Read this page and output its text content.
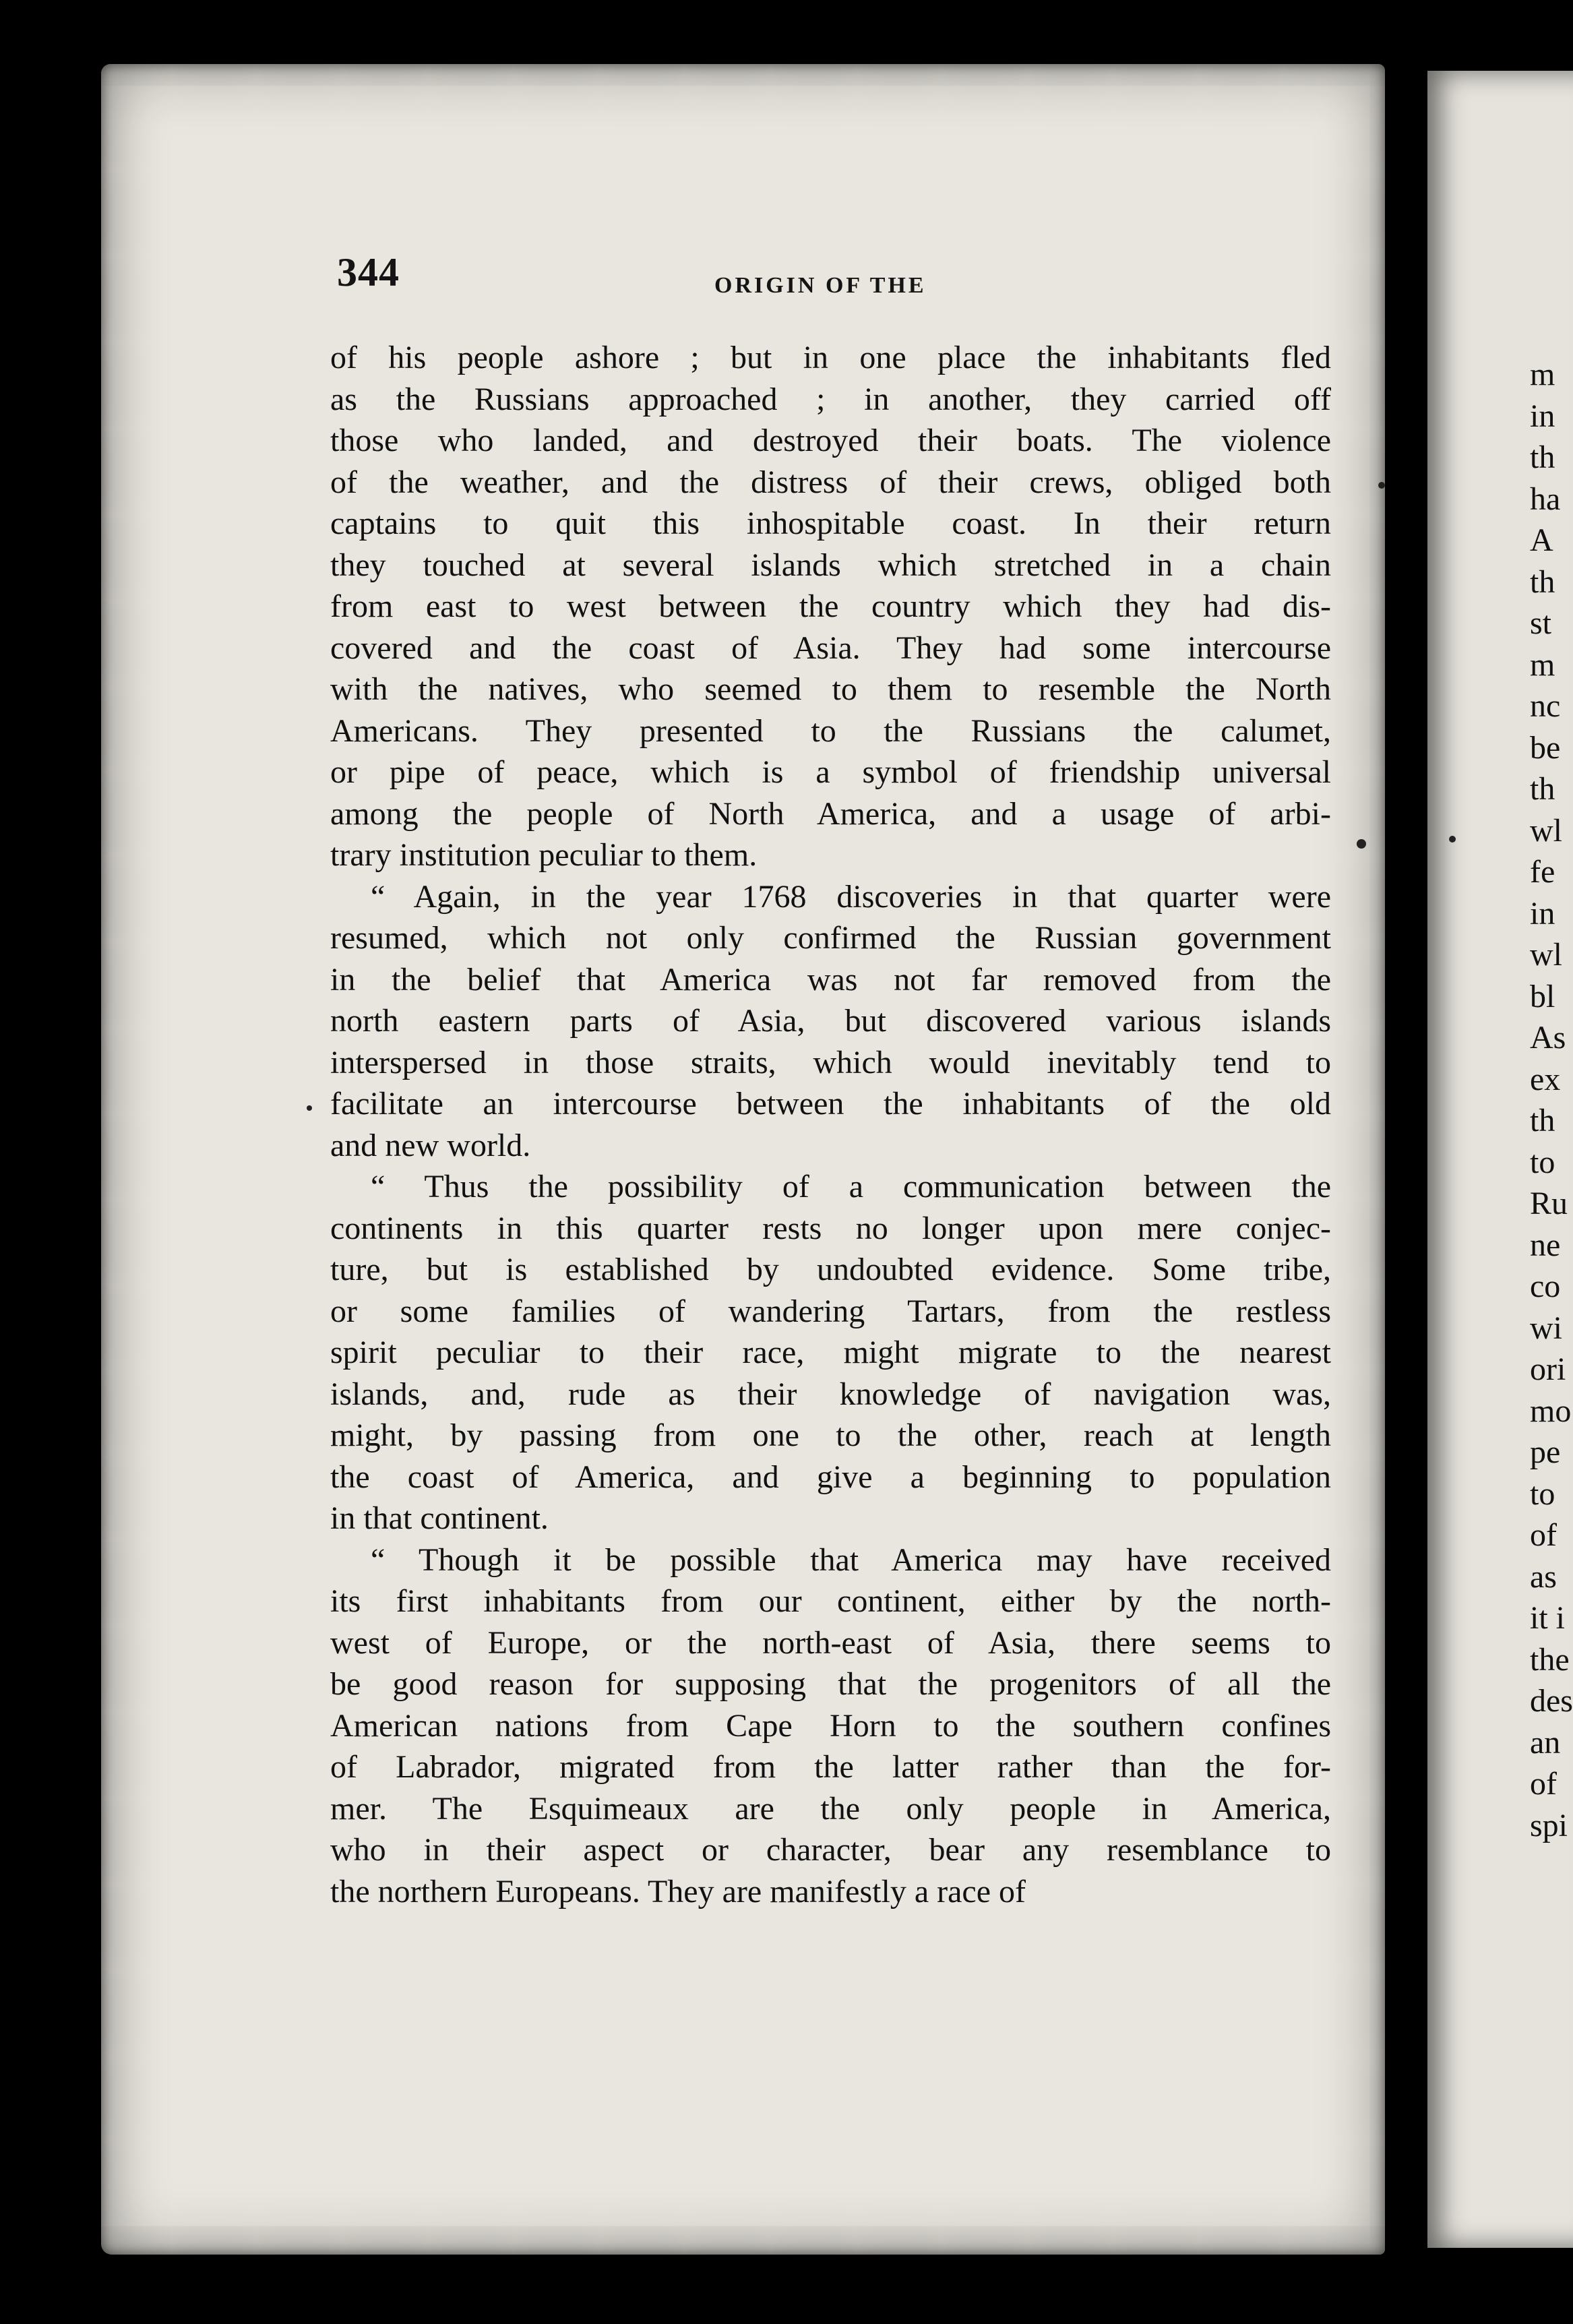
344	ORIGIN OF THE
of his people ashore ; but in one place the inhabitants fled
as the Russians approached ; in another, they carried off
those who landed, and destroyed their boats. The violence
of the weather, and the distress of their crews, obliged both
captains to quit this inhospitable coast. In their return
they touched at several islands which stretched in a chain
from east to west between the country which they had dis-
covered and the coast of Asia. They had some intercourse
with the natives, who seemed to them to resemble the North
Americans. They presented to the Russians the calumet,
or pipe of peace, which is a symbol of friendship universal
among the people of North America, and a usage of arbi-
trary institution peculiar to them.
“ Again, in the year 1768 discoveries in that quarter were
resumed, which not only confirmed the Russian government
in the belief that America was not far removed from the
north eastern parts of Asia, but discovered various islands
interspersed in those straits, which would inevitably tend to
facilitate an intercourse between the inhabitants of the old
and new world.
“ Thus the possibility of a communication between the
continents in this quarter rests no longer upon mere conjec-
ture, but is established by undoubted evidence. Some tribe,
or some families of wandering Tartars, from the restless
spirit peculiar to their race, might migrate to the nearest
islands, and, rude as their knowledge of navigation was,
might, by passing from one to the other, reach at length
the coast of America, and give a beginning to population
in that continent.
“ Though it be possible that America may have received
its first inhabitants from our continent, either by the north-
west of Europe, or the north-east of Asia, there seems to
be good reason for supposing that the progenitors of all the
American nations from Cape Horn to the southern confines
of Labrador, migrated from the latter rather than the for-
mer. The Esquimeaux are the only people in America,
who in their aspect or character, bear any resemblance to
the northern Europeans. They are manifestly a race of
m
in
th
ha
A
th
st
m
nc
be
th
wl
fe
in
wl
bl
As
ex
th
to
Ru
ne
co
wi
ori
mo
pe
to
of
as
it i
the
des
an
of
spi
